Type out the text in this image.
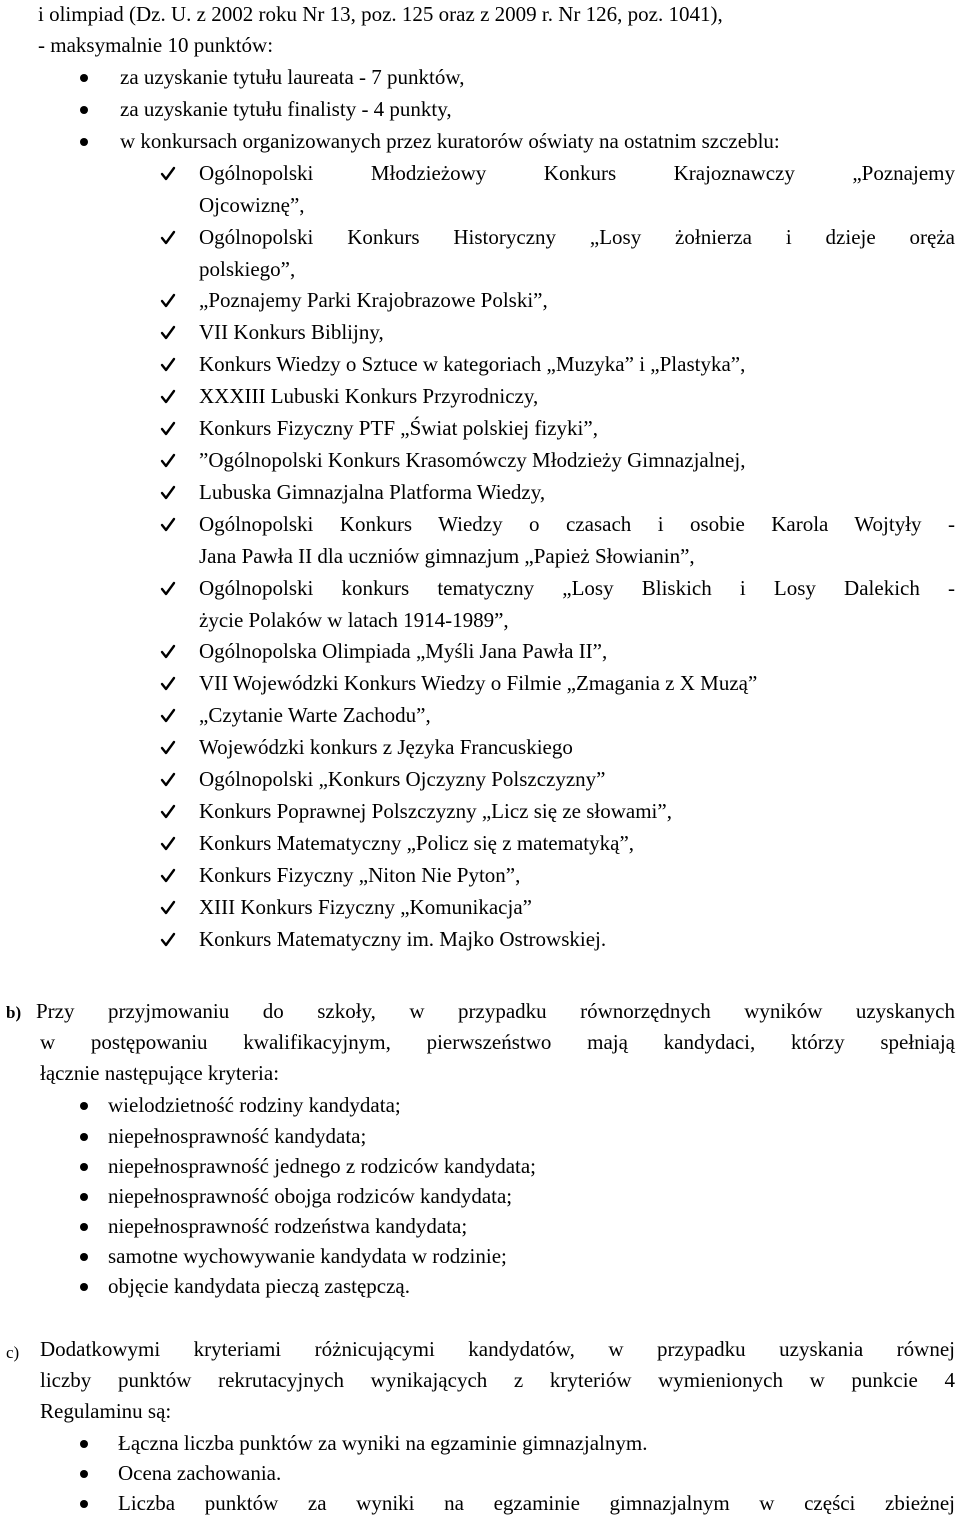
i olimpiad (Dz. U. z 2002 roku Nr 13, poz. 125 oraz z 2009 r. Nr 126, poz. 1041),
- maksymalnie 10 punktów:
za uzyskanie tytułu laureata - 7 punktów,
za uzyskanie tytułu finalisty - 4 punkty,
w konkursach organizowanych przez kuratorów oświaty na ostatnim szczeblu:
Ogólnopolski Młodzieżowy Konkurs Krajoznawczy „Poznajemy
Ojcowiznę”,
Ogólnopolski Konkurs Historyczny „Losy żołnierza i dzieje oręża
polskiego”,
„Poznajemy Parki Krajobrazowe Polski”,
VII Konkurs Biblijny,
Konkurs Wiedzy o Sztuce w kategoriach „Muzyka” i „Plastyka”,
XXXIII Lubuski Konkurs Przyrodniczy,
Konkurs Fizyczny PTF „Świat polskiej fizyki”,
”Ogólnopolski Konkurs Krasomówczy Młodzieży Gimnazjalnej,
Lubuska Gimnazjalna Platforma Wiedzy,
Ogólnopolski Konkurs Wiedzy o czasach i osobie Karola Wojtyły -
Jana Pawła II dla uczniów gimnazjum „Papież Słowianin”,
Ogólnopolski konkurs tematyczny „Losy Bliskich i Losy Dalekich -
życie Polaków w latach 1914-1989”,
Ogólnopolska Olimpiada „Myśli Jana Pawła II”,
VII Wojewódzki Konkurs Wiedzy o Filmie „Zmagania z X Muzą”
„Czytanie Warte Zachodu”,
Wojewódzki konkurs z Języka Francuskiego
Ogólnopolski „Konkurs Ojczyzny Polszczyzny”
Konkurs Poprawnej Polszczyzny „Licz się ze słowami”,
Konkurs Matematyczny „Policz się z matematyką”,
Konkurs Fizyczny „Niton Nie Pyton”,
XIII Konkurs Fizyczny „Komunikacja”
Konkurs Matematyczny im. Majko Ostrowskiej.
b) Przy przyjmowaniu do szkoły, w przypadku równorzędnych wyników uzyskanych
w postępowaniu kwalifikacyjnym, pierwszeństwo mają kandydaci, którzy spełniają
łącznie następujące kryteria:
wielodzietność rodziny kandydata;
niepełnosprawność kandydata;
niepełnosprawność jednego z rodziców kandydata;
niepełnosprawność obojga rodziców kandydata;
niepełnosprawność rodzeństwa kandydata;
samotne wychowywanie kandydata w rodzinie;
objęcie kandydata pieczą zastępczą.
c) Dodatkowymi kryteriami różnicującymi kandydatów, w przypadku uzyskania równej
liczby punktów rekrutacyjnych wynikających z kryteriów wymienionych w punkcie 4
Regulaminu są:
Łączna liczba punktów za wyniki na egzaminie gimnazjalnym.
Ocena zachowania.
Liczba punktów za wyniki na egzaminie gimnazjalnym w części zbieżnej
